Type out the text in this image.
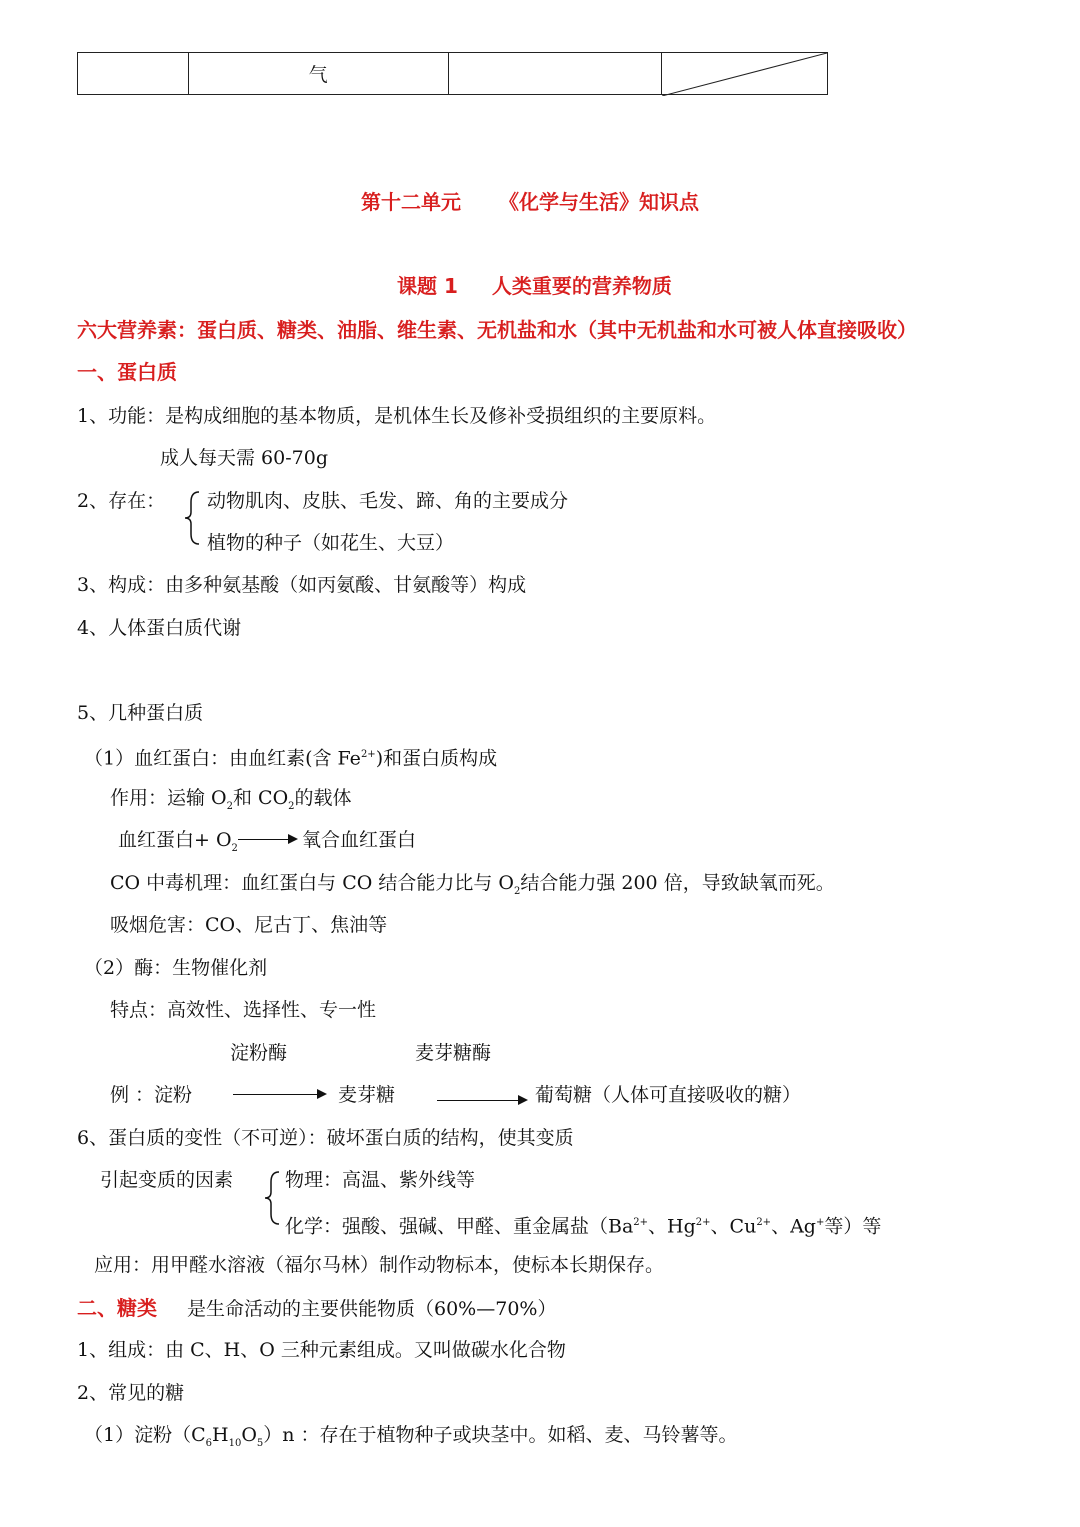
	气		
第十二单元 《化学与生活》知识点
课题 1 人类重要的营养物质
六大营养素：蛋白质、糖类、油脂、维生素、无机盐和水（其中无机盐和水可被人体直接吸收）
一、蛋白质
1、功能：是构成细胞的基本物质，是机体生长及修补受损组织的主要原料。
成人每天需 60-70g
2、存在： 动物肌肉、皮肤、毛发、蹄、角的主要成分
植物的种子（如花生、大豆）
3、构成：由多种氨基酸（如丙氨酸、甘氨酸等）构成
4、人体蛋白质代谢
5、几种蛋白质
（1）血红蛋白：由血红素(含 $Fe^{2+}$)和蛋白质构成
作用：运输 $O_2$和 $CO_2$的载体
血红蛋白+ $O_2$	氧合血红蛋白
CO 中毒机理：血红蛋白与 CO 结合能力比与 $O_2$结合能力强 200 倍，导致缺氧而死。
吸烟危害：CO、尼古丁、焦油等
（2）酶：生物催化剂
特点：高效性、选择性、专一性
淀粉酶	麦芽糖酶
例 ：淀粉	麦芽糖	葡萄糖（人体可直接吸收的糖）
6、蛋白质的变性（不可逆）：破坏蛋白质的结构，使其变质
引起变质的因素	物理：高温、紫外线等
化学：强酸、强碱、甲醛、重金属盐（$Ba^{2+}$、$Hg^{2+}$、$Cu^{2+}$、Ag+等）等
应用：用甲醛水溶液（福尔马林）制作动物标本，使标本长期保存。
二、糖类 是生命活动的主要供能物质（60%—70%）
1、组成：由 C、H、O 三种元素组成。又叫做碳水化合物
2、常见的糖
（1）淀粉$(C_6H_{10}O_5)n$ ：存在于植物种子或块茎中。如稻、麦、马铃薯等。
